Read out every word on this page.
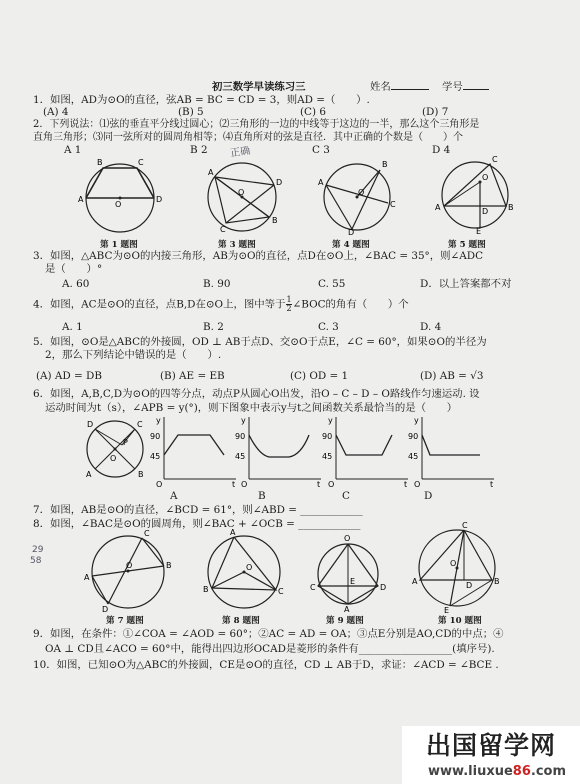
初三数学早读练习三	姓名	学号
1．如图，AD为⊙O的直径，弦AB = BC = CD = 3，则AD =（　　）.
(A) 4	(B) 5	(C) 6	(D) 7
2．下列说法：⑴弦的垂直平分线过圆心；⑵三角形的一边的中线等于这边的一半，那么这个三角形是
直角三角形；⑶同一弦所对的圆周角相等；⑷直角所对的弦是直径．其中正确的个数是（　　）个
A 1	B 2	C 3	D 4
A
B	C
D
O
第 1 题图
A
D
B
C
O
正确
第 3 题图
A
B
C
D
O
第 4 题图
A
C
B
D
E
O
第 5 题图
3．如图，△ABC为⊙O的内接三角形，AB为⊙O的直径，点D在⊙O上，∠BAC = 35°，则∠ADC
是（　　）°
A. 60	B. 90	C. 55	D．以上答案都不对
4．如图，AC是⊙O的直径，点B,D在⊙O上，图中等于 $\frac{1}{2}$ ∠BOC的角有（　　）个
A. 1	B. 2	C. 3	D. 4
5．如图，⊙O是△ABC的外接圆，OD ⊥ AB于点D、交⊙O于点E，∠C = 60°，如果⊙O的半径为
2，那么下列结论中错误的是（　　）.
(A) AD = DB	(B) AE = EB	(C) OD = 1	(D) AB = √3
6．如图，A,B,C,D为⊙O的四等分点，动点P从圆心O出发，沿O – C – D – O路线作匀速运动. 设
运动时间为t（s），∠APB = y(°)，则下图象中表示y与t之间函数关系最恰当的是（　　）
D	C
A	B
P
O
y
t
90
45
O
y
t
90
45
O
y
t
90
45
O
y
t
90
45
O
A	B	C	D
7．如图，AB是⊙O的直径，∠BCD = 61°，则∠ABD = ____________
8．如图，∠BAC是⊙O的圆周角，则∠BAC + ∠OCB = ____________
29
58
A
C
B
D
O
第 7 题图
A
B	C
O
第 8 题图
O
C	D
A
E
第 9 题图
C
A	B
D
E
O
第 10 题图
9．如图，在条件：①∠COA = ∠AOD = 60°；②AC = AD = OA；③点E分别是AO,CD的中点；④
OA ⊥ CD且∠ACO = 60°中，能得出四边形OCAD是菱形的条件有__________________(填序号).
10．如图，已知⊙O为△ABC的外接圆，CE是⊙O的直径，CD ⊥ AB于D，求证：∠ACD = ∠BCE .
出国留学网
www.liuxue86.com
